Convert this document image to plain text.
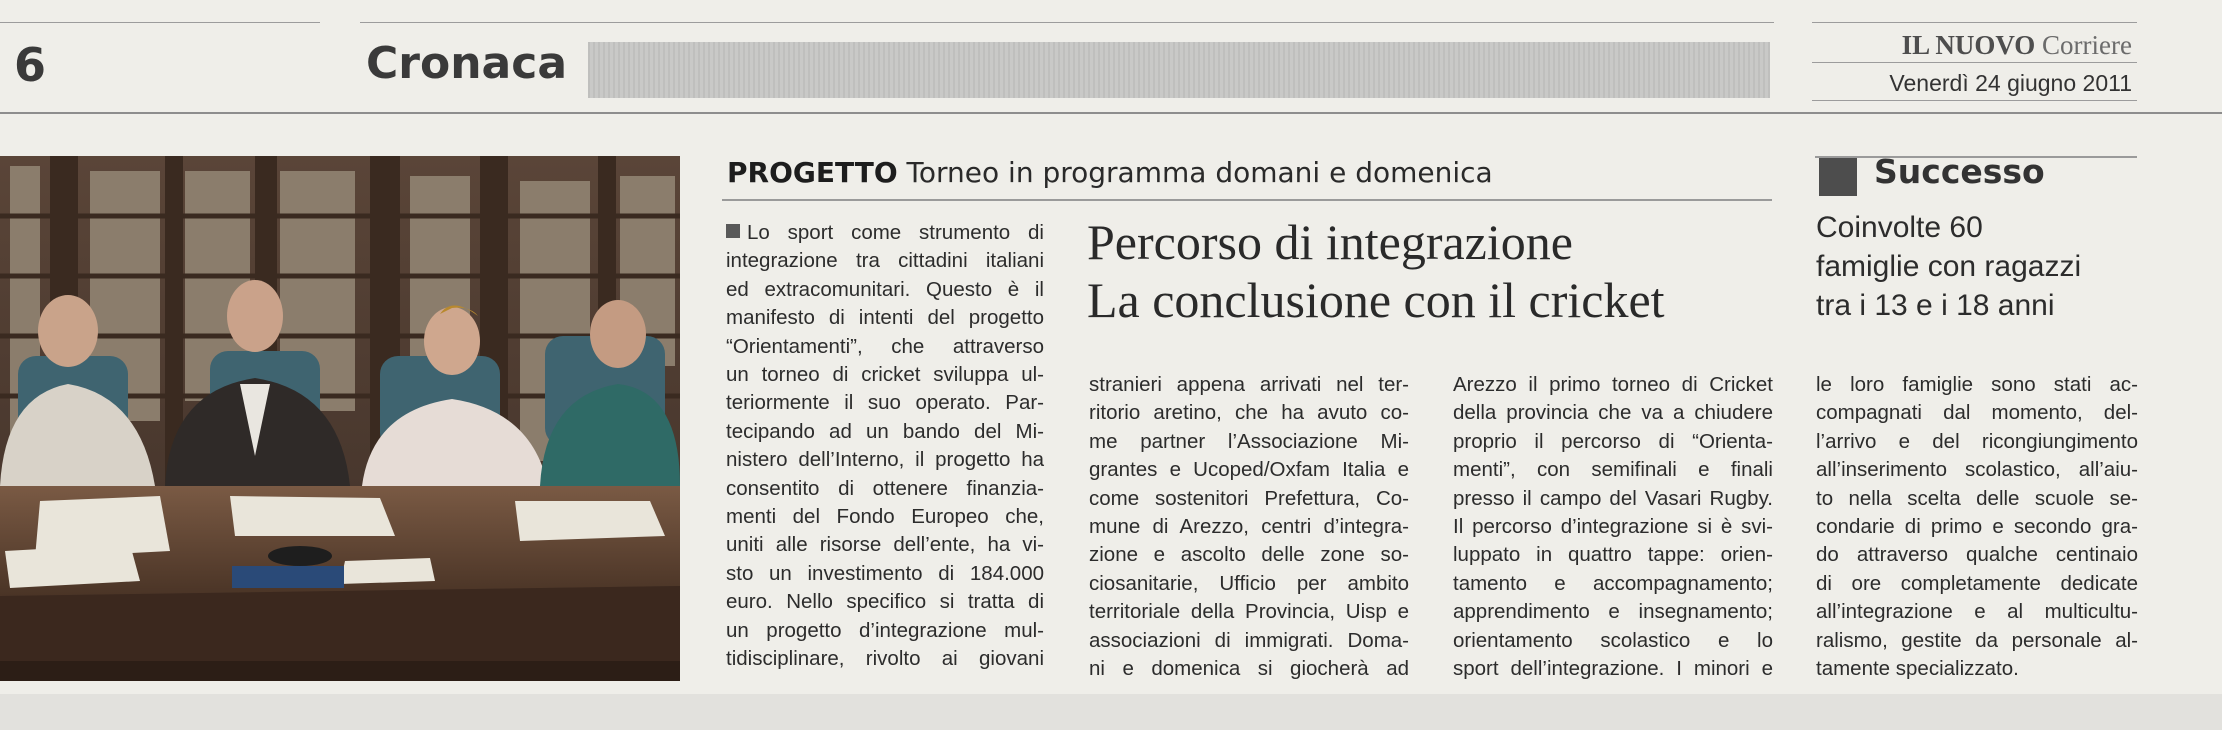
6	Cronaca	IL NUOVO Corriere
Venerdì 24 giugno 2011
PROGETTO Torneo in programma domani e domenica
Percorso di integrazione
La conclusione con il cricket
Lo sport come strumento di
integrazione tra cittadini italiani
ed extracomunitari. Questo è il
manifesto di intenti del progetto
“Orientamenti”, che attraverso
un torneo di cricket sviluppa ul-
teriormente il suo operato. Par-
tecipando ad un bando del Mi-
nistero dell’Interno, il progetto ha
consentito di ottenere finanzia-
menti del Fondo Europeo che,
uniti alle risorse dell’ente, ha vi-
sto un investimento di 184.000
euro. Nello specifico si tratta di
un progetto d’integrazione mul-
tidisciplinare, rivolto ai giovani
stranieri appena arrivati nel ter-
ritorio aretino, che ha avuto co-
me partner l’Associazione Mi-
grantes e Ucoped/Oxfam Italia e
come sostenitori Prefettura, Co-
mune di Arezzo, centri d’integra-
zione e ascolto delle zone so-
ciosanitarie, Ufficio per ambito
territoriale della Provincia, Uisp e
associazioni di immigrati. Doma-
ni e domenica si giocherà ad
Arezzo il primo torneo di Cricket
della provincia che va a chiudere
proprio il percorso di “Orienta-
menti”, con semifinali e finali
presso il campo del Vasari Rugby.
Il percorso d’integrazione si è svi-
luppato in quattro tappe: orien-
tamento e accompagnamento;
apprendimento e insegnamento;
orientamento scolastico e lo
sport dell’integrazione. I minori e
le loro famiglie sono stati ac-
compagnati dal momento, del-
l’arrivo e del ricongiungimento
all’inserimento scolastico, all’aiu-
to nella scelta delle scuole se-
condarie di primo e secondo gra-
do attraverso qualche centinaio
di ore completamente dedicate
all’integrazione e al multicultu-
ralismo, gestite da personale al-
tamente specializzato.
Successo
Coinvolte 60
famiglie con ragazzi
tra i 13 e i 18 anni
